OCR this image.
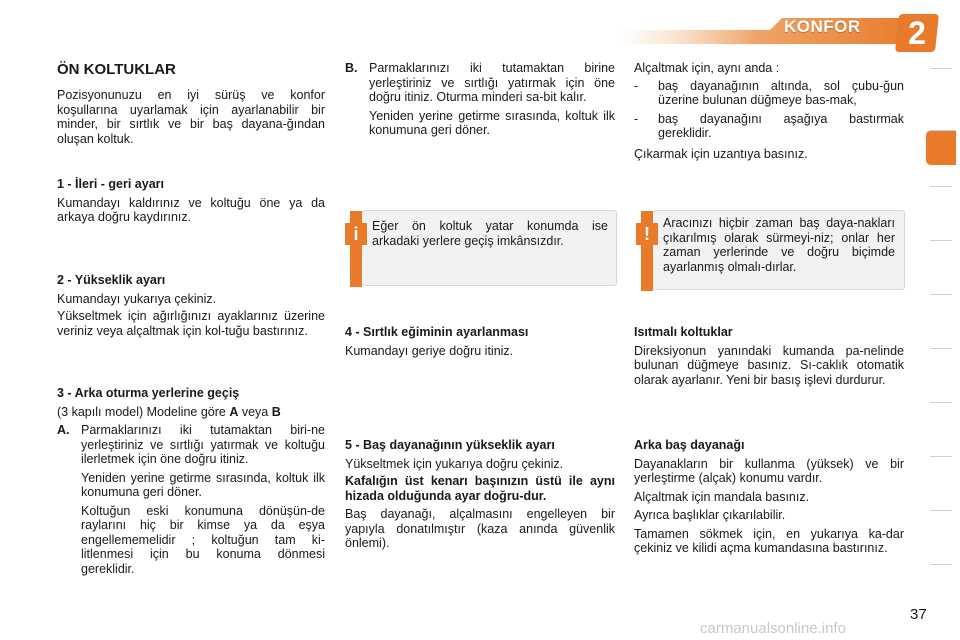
KONFOR	2
ÖN KOLTUKLAR

Pozisyonunuzu en iyi sürüş ve konfor koşullarına uyarlamak için ayarlanabilir bir minder, bir sırtlık ve bir baş dayana-ğından oluşan koltuk.

1 - İleri - geri ayarı

Kumandayı kaldırınız ve koltuğu öne ya da arkaya doğru kaydırınız.

2 - Yükseklik ayarı

Kumandayı yukarıya çekiniz.

Yükseltmek için ağırlığınızı ayaklarınız üzerine veriniz veya alçaltmak için kol-tuğu bastırınız.

3 - Arka oturma yerlerine geçiş

(3 kapılı model) Modeline göre A veya B

A. Parmaklarınızı iki tutamaktan biri-ne yerleştiriniz ve sırtlığı yatırmak ve koltuğu ilerletmek için öne doğru itiniz.

Yeniden yerine getirme sırasında, koltuk ilk konumuna geri döner.

Koltuğun eski konumuna dönüşün-de raylarını hiç bir kimse ya da eşya engellememelidir ; koltuğun tam ki-litlenmesi için bu konuma dönmesi gereklidir.

B. Parmaklarınızı iki tutamaktan birine yerleştiriniz ve sırtlığı yatırmak için öne doğru itiniz. Oturma minderi sa-bit kalır.

Yeniden yerine getirme sırasında, koltuk ilk konumuna geri döner.

i	Eğer ön koltuk yatar konumda ise arkadaki yerlere geçiş imkânsızdır.

4 - Sırtlık eğiminin ayarlanması

Kumandayı geriye doğru itiniz.

5 - Baş dayanağının yükseklik ayarı

Yükseltmek için yukarıya doğru çekiniz.

Kafalığın üst kenarı başınızın üstü ile aynı hizada olduğunda ayar doğru-dur.

Baş dayanağı, alçalmasını engelleyen bir yapıyla donatılmıştır (kaza anında güvenlik önlemi).

Alçaltmak için, aynı anda :

-	baş dayanağının altında, sol çubu-ğun üzerine bulunan düğmeye bas-mak,
-	baş dayanağını aşağıya bastırmak gereklidir.

Çıkarmak için uzantıya basınız.

!
Aracınızı hiçbir zaman baş daya-nakları çıkarılmış olarak sürmeyi-niz; onlar her zaman yerlerinde ve doğru biçimde ayarlanmış olmalı-dırlar.

Isıtmalı koltuklar

Direksiyonun yanındaki kumanda pa-nelinde bulunan düğmeye basınız. Sı-caklık otomatik olarak ayarlanır. Yeni bir basış işlevi durdurur.

Arka baş dayanağı

Dayanakların bir kullanma (yüksek) ve bir yerleştirme (alçak) konumu vardır.

Alçaltmak için mandala basınız.

Ayrıca başlıklar çıkarılabilir.

Tamamen sökmek için, en yukarıya ka-dar çekiniz ve kilidi açma kumandasına bastırınız.

37
carmanualsonline.info
